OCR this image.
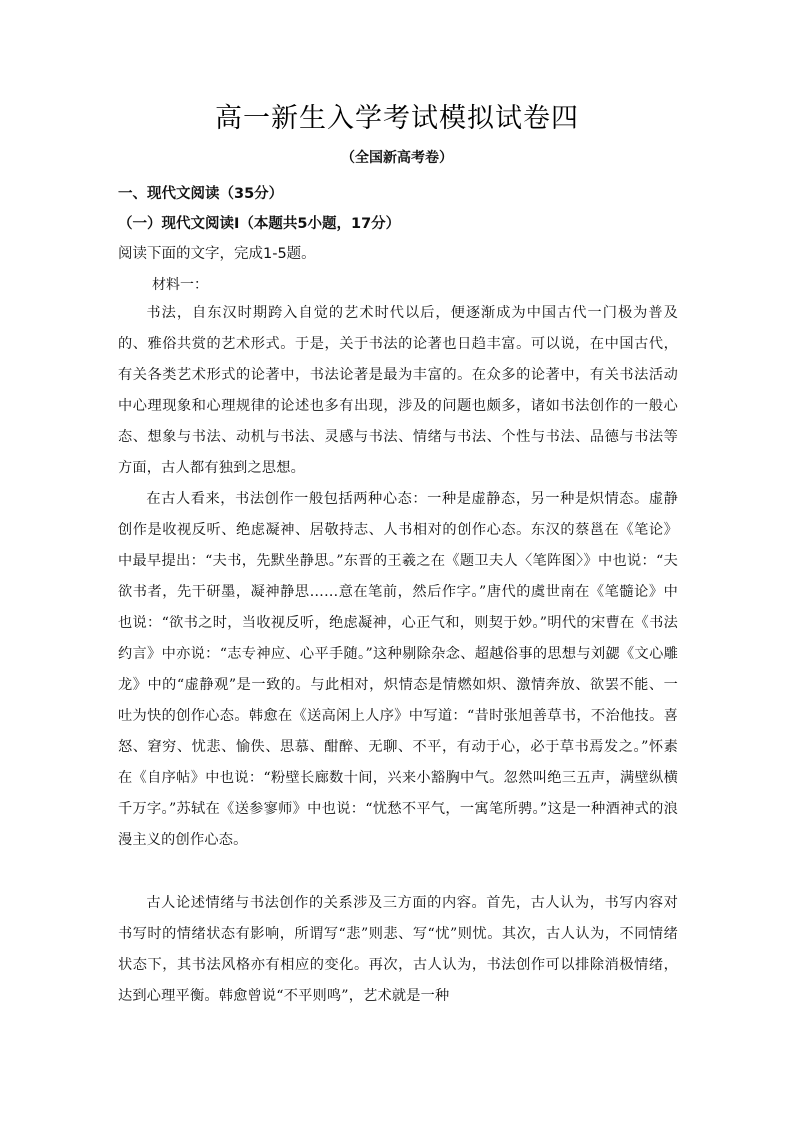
高一新生入学考试模拟试卷四
（全国新高考卷）
一、现代文阅读（35分）
（一）现代文阅读Ⅰ（本题共5小题，17分）
阅读下面的文字，完成1-5题。
材料一：

书法，自东汉时期跨入自觉的艺术时代以后，便逐渐成为中国古代一门极为普及的、雅俗共赏的艺术形式。于是，关于书法的论著也日趋丰富。可以说，在中国古代，有关各类艺术形式的论著中，书法论著是最为丰富的。在众多的论著中，有关书法活动中心理现象和心理规律的论述也多有出现，涉及的问题也颇多，诸如书法创作的一般心态、想象与书法、动机与书法、灵感与书法、情绪与书法、个性与书法、品德与书法等方面，古人都有独到之思想。

在古人看来，书法创作一般包括两种心态：一种是虚静态，另一种是炽情态。虚静创作是收视反听、绝虑凝神、居敬持志、人书相对的创作心态。东汉的蔡邕在《笔论》中最早提出：“夫书，先默坐静思。”东晋的王羲之在《题卫夫人〈笔阵图〉》中也说：“夫欲书者，先干研墨，凝神静思……意在笔前，然后作字。”唐代的虞世南在《笔髓论》中也说：“欲书之时，当收视反听，绝虑凝神，心正气和，则契于妙。”明代的宋曹在《书法约言》中亦说：“志专神应、心平手随。”这种剔除杂念、超越俗事的思想与刘勰《文心雕龙》中的“虚静观”是一致的。与此相对，炽情态是情燃如炽、激情奔放、欲罢不能、一吐为快的创作心态。韩愈在《送高闲上人序》中写道：“昔时张旭善草书，不治他技。喜怒、窘穷、忧悲、愉佚、思慕、酣醉、无聊、不平，有动于心，必于草书焉发之。”怀素在《自序帖》中也说：“粉壁长廊数十间，兴来小豁胸中气。忽然叫绝三五声，满壁纵横千万字。”苏轼在《送参寥师》中也说：“忧愁不平气，一寓笔所骋。”这是一种酒神式的浪漫主义的创作心态。

古人论述情绪与书法创作的关系涉及三方面的内容。首先，古人认为，书写内容对书写时的情绪状态有影响，所谓写“悲”则悲、写“忧”则忧。其次，古人认为，不同情绪状态下，其书法风格亦有相应的变化。再次，古人认为，书法创作可以排除消极情绪，达到心理平衡。韩愈曾说“不平则鸣”，艺术就是一种
